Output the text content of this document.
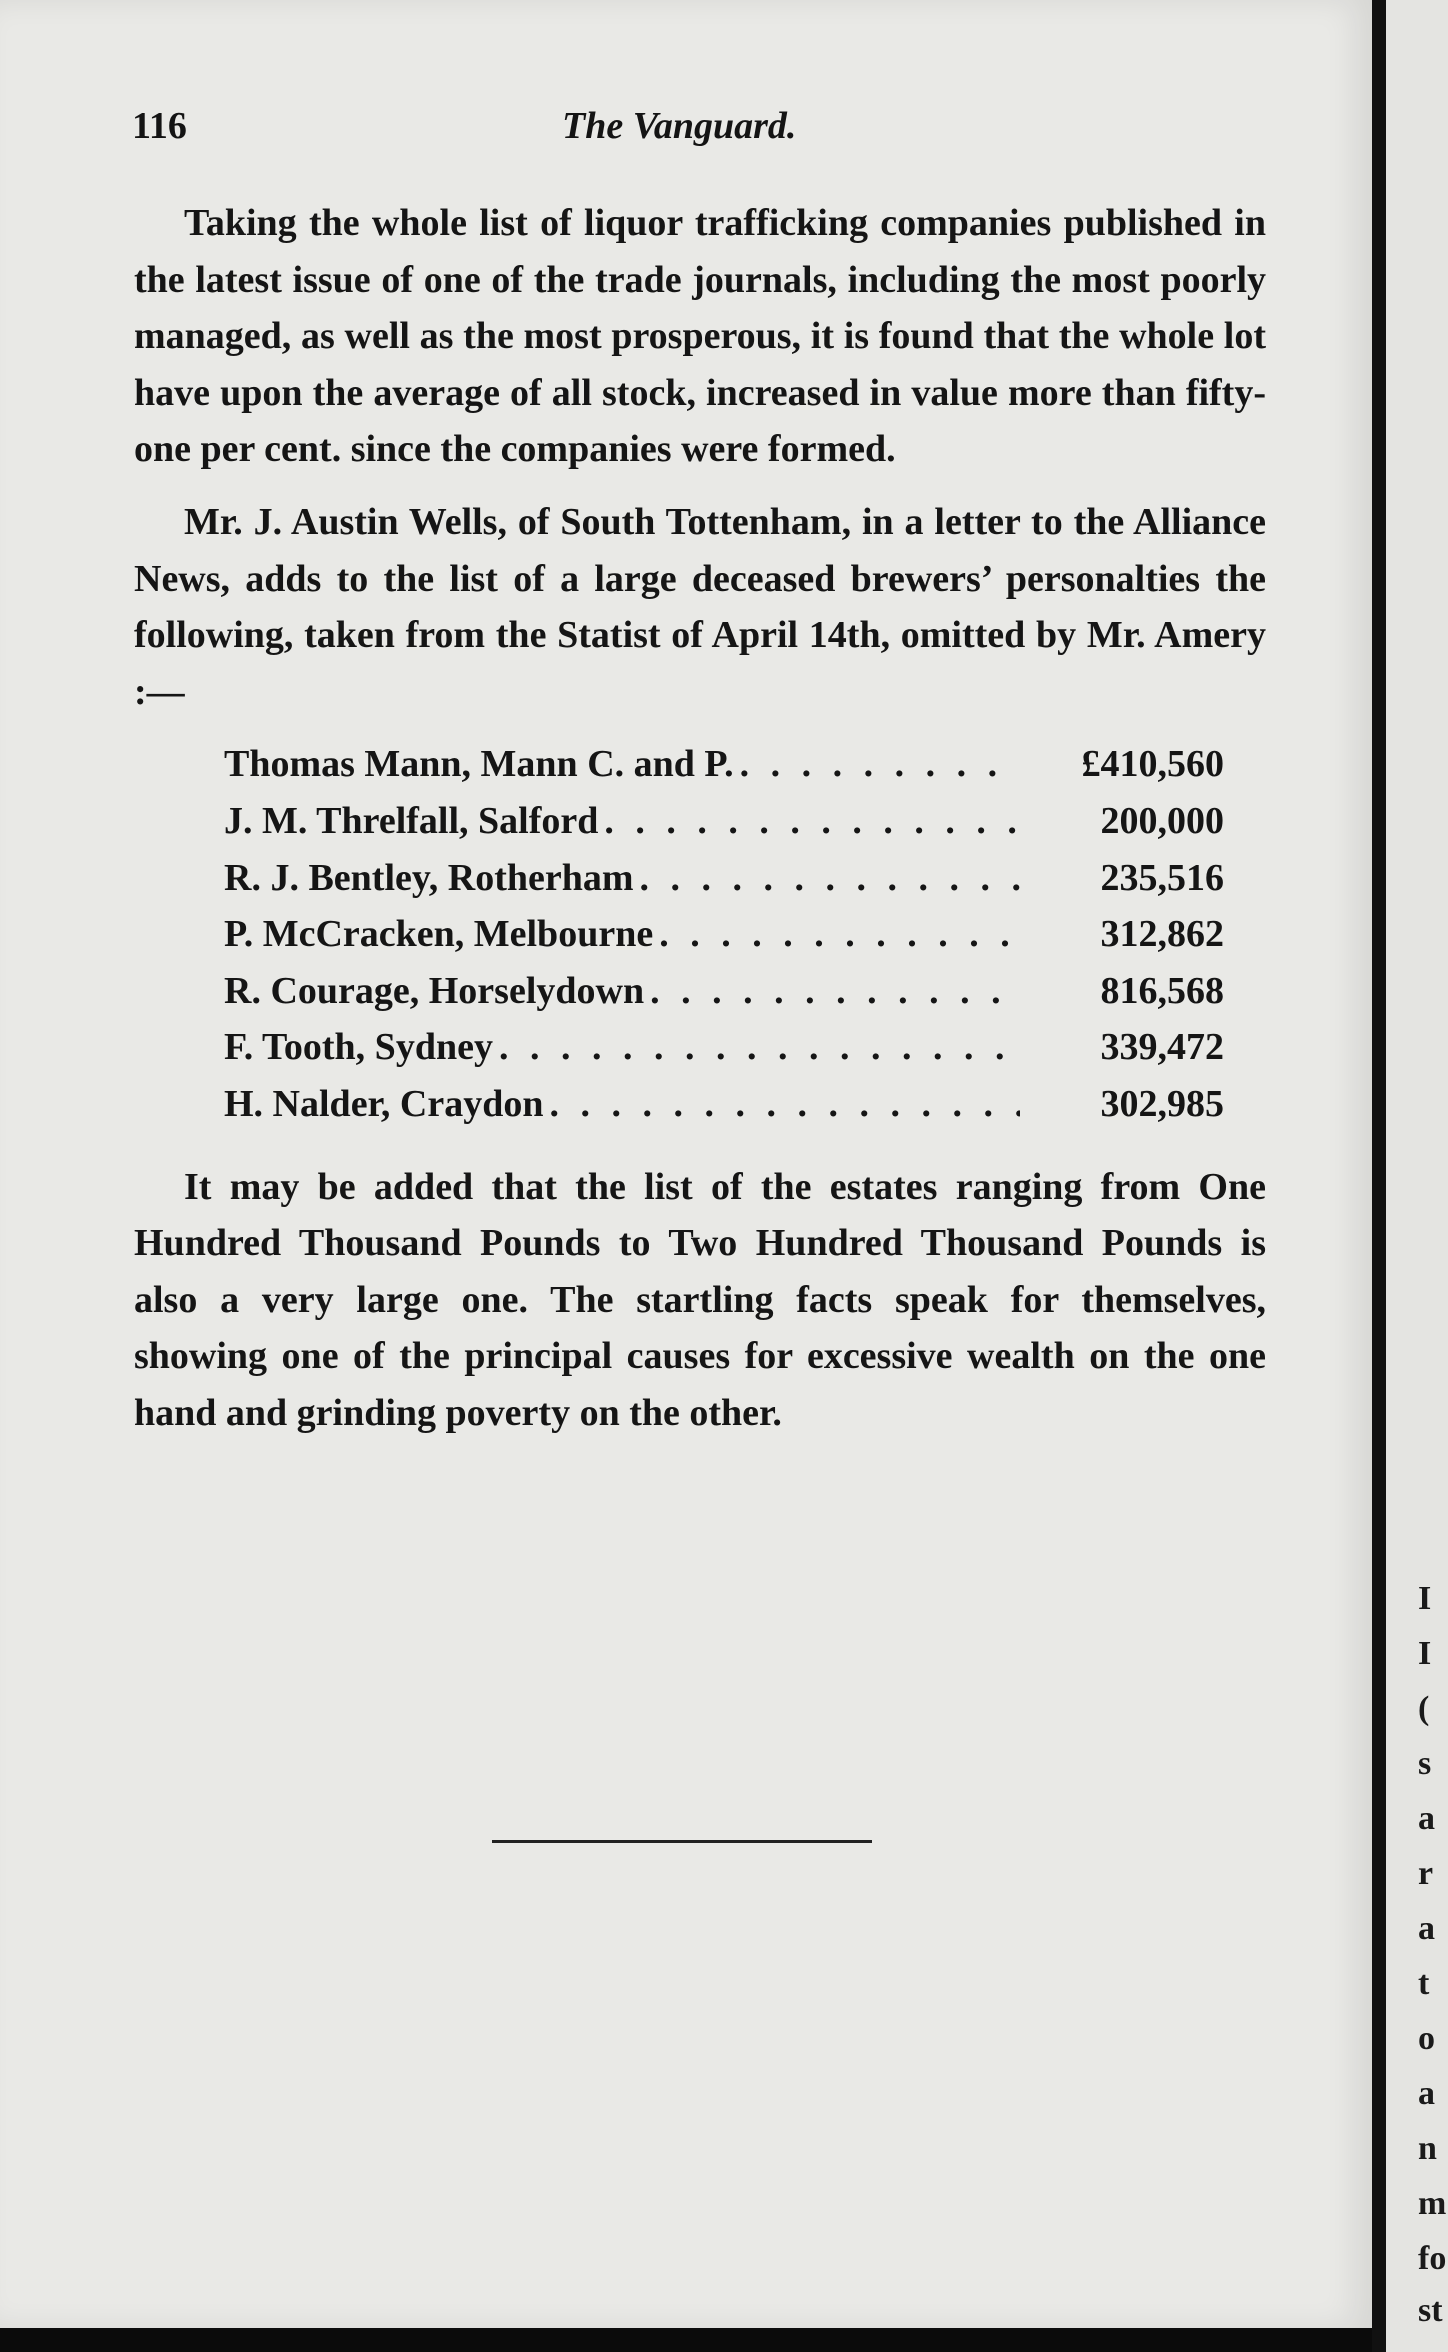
116	The Vanguard.

Taking the whole list of liquor trafficking companies published in the latest issue of one of the trade journals, including the most poorly managed, as well as the most prosperous, it is found that the whole lot have upon the average of all stock, increased in value more than fifty-one per cent. since the companies were formed.

Mr. J. Austin Wells, of South Tottenham, in a letter to the Alliance News, adds to the list of a large deceased brewers’ personalties the following, taken from the Statist of April 14th, omitted by Mr. Amery :—

Thomas Mann, Mann C. and P. . . .	£410,560
J. M. Threlfall, Salford . . .	200,000
R. J. Bentley, Rotherham . . .	235,516
P. McCracken, Melbourne . . .	312,862
R. Courage, Horselydown . . .	816,568
F. Tooth, Sydney . . .	339,472
H. Nalder, Craydon . . .	302,985

It may be added that the list of the estates ranging from One Hundred Thousand Pounds to Two Hundred Thousand Pounds is also a very large one. The startling facts speak for themselves, showing one of the principal causes for excessive wealth on the one hand and grinding poverty on the other.

I
I
(
s
a
r
a
t
o
a
n
m
fo
st
